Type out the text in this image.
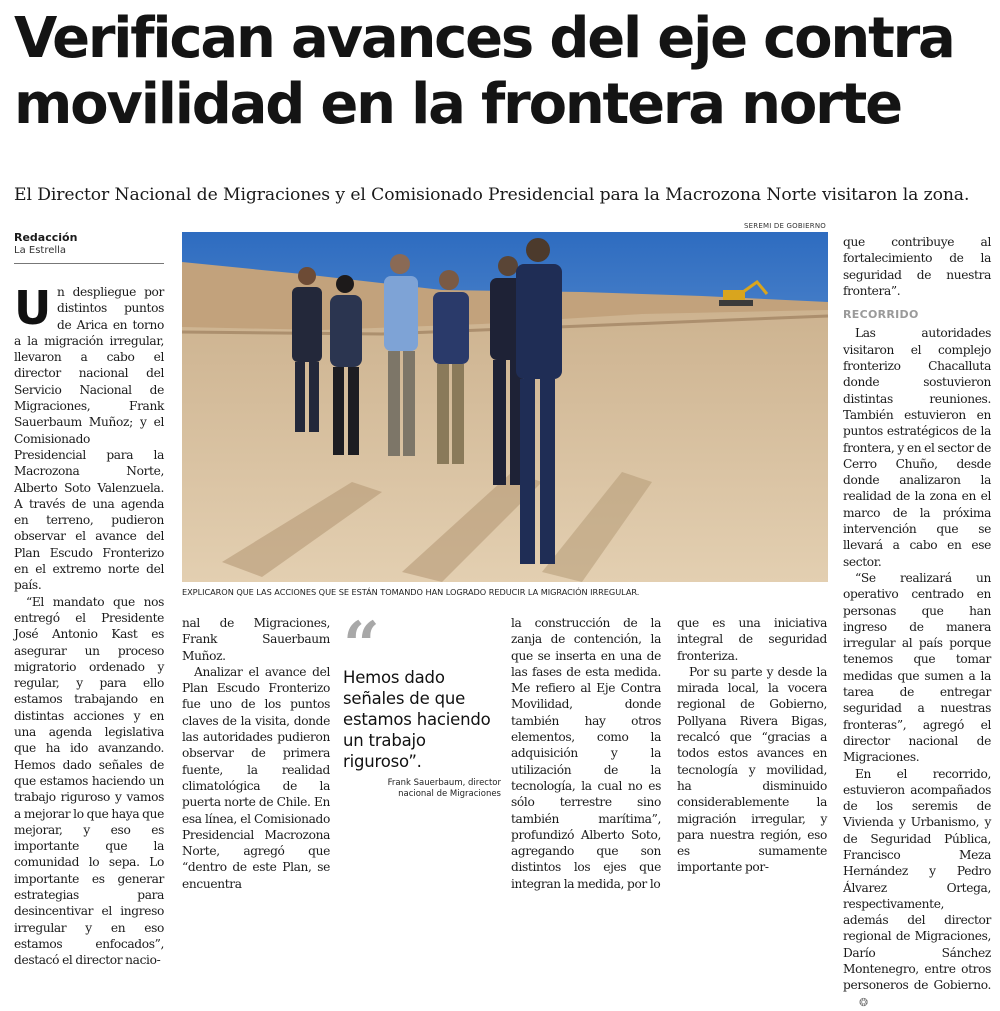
Verifican avances del eje contra
movilidad en la frontera norte

El Director Nacional de Migraciones y el Comisionado Presidencial para la Macrozona Norte visitaron la zona.

Redacción
La Estrella
U n despliegue por distintos puntos de Arica en torno a la migración irregular, llevaron a cabo el director nacional del Servicio Nacional de Migraciones, Frank Sauerbaum Muñoz; y el Comisionado Presidencial para la Macrozona Norte, Alberto Soto Valenzuela. A través de una agenda en terreno, pudieron observar el avance del Plan Escudo Fronterizo en el extremo norte del país.

“El mandato que nos entregó el Presidente José Antonio Kast es asegurar un proceso migratorio ordenado y regular, y para ello estamos trabajando en distintas acciones y en una agenda legislativa que ha ido avanzando. Hemos dado señales de que estamos haciendo un trabajo riguroso y vamos a mejorar lo que haya que mejorar, y eso es importante que la comunidad lo sepa. Lo importante es generar estrategias para desincentivar el ingreso irregular y en eso estamos enfocados”, destacó el director nacio-

SEREMI DE GOBIERNO
EXPLICARON QUE LAS ACCIONES QUE SE ESTÁN TOMANDO HAN LOGRADO REDUCIR LA MIGRACIÓN IRREGULAR.

nal de Migraciones, Frank Sauerbaum Muñoz.

Analizar el avance del Plan Escudo Fronterizo fue uno de los puntos claves de la visita, donde las autoridades pudieron observar de primera fuente, la realidad climatológica de la puerta norte de Chile. En esa línea, el Comisionado Presidencial Macrozona Norte, agregó que “dentro de este Plan, se encuentra

“
Hemos dado señales de que estamos haciendo un trabajo riguroso”.
Frank Sauerbaum, director
nacional de Migraciones

la construcción de la zanja de contención, la que se inserta en una de las fases de esta medida. Me refiero al Eje Contra Movilidad, donde también hay otros elementos, como la adquisición y la utilización de la tecnología, la cual no es sólo terrestre sino también marítima”, profundizó Alberto Soto, agregando que son distintos los ejes que integran la medida, por lo

que es una iniciativa integral de seguridad fronteriza.

Por su parte y desde la mirada local, la vocera regional de Gobierno, Pollyana Rivera Bigas, recalcó que “gracias a todos estos avances en tecnología y movilidad, ha disminuido considerablemente la migración irregular, y para nuestra región, eso es sumamente importante por-

que contribuye al fortalecimiento de la seguridad de nuestra frontera”.

RECORRIDO

Las autoridades visitaron el complejo fronterizo Chacalluta donde sostuvieron distintas reuniones. También estuvieron en puntos estratégicos de la frontera, y en el sector de Cerro Chuño, desde donde analizaron la realidad de la zona en el marco de la próxima intervención que se llevará a cabo en ese sector.

“Se realizará un operativo centrado en personas que han ingreso de manera irregular al país porque tenemos que tomar medidas que sumen a la tarea de entregar seguridad a nuestras fronteras”, agregó el director nacional de Migraciones.

En el recorrido, estuvieron acompañados de los seremis de Vivienda y Urbanismo, y de Seguridad Pública, Francisco Meza Hernández y Pedro Álvarez Ortega, respectivamente, además del director regional de Migraciones, Darío Sánchez Montenegro, entre otros personeros de Gobierno.❂
